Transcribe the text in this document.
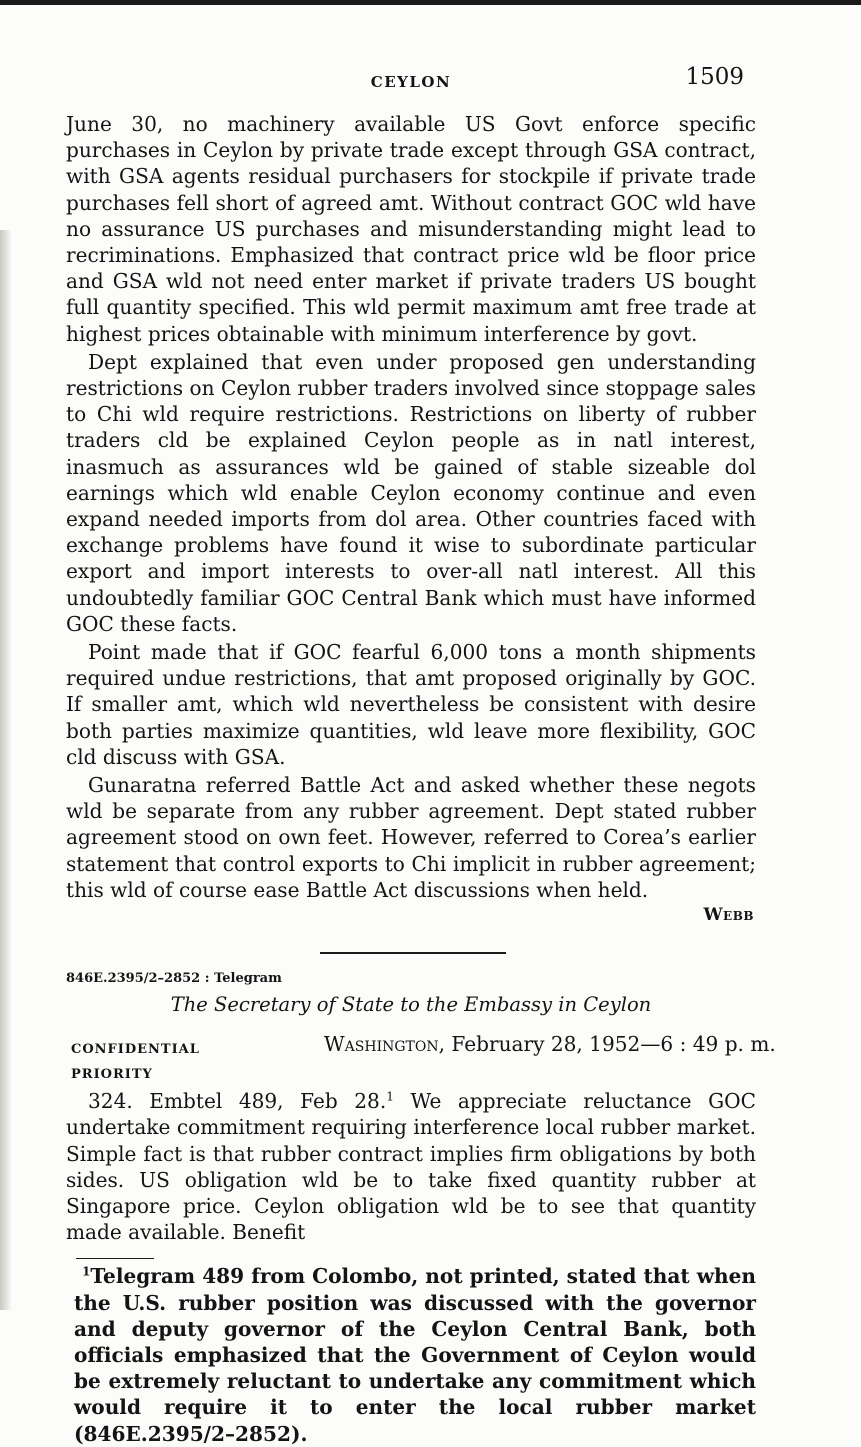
CEYLON	1509

June 30, no machinery available US Govt enforce specific purchases in Ceylon by private trade except through GSA contract, with GSA agents residual purchasers for stockpile if private trade purchases fell short of agreed amt. Without contract GOC wld have no assurance US purchases and misunderstanding might lead to recriminations. Emphasized that contract price wld be floor price and GSA wld not need enter market if private traders US bought full quantity specified. This wld permit maximum amt free trade at highest prices obtainable with minimum interference by govt.

Dept explained that even under proposed gen understanding restrictions on Ceylon rubber traders involved since stoppage sales to Chi wld require restrictions. Restrictions on liberty of rubber traders cld be explained Ceylon people as in natl interest, inasmuch as assurances wld be gained of stable sizeable dol earnings which wld enable Ceylon economy continue and even expand needed imports from dol area. Other countries faced with exchange problems have found it wise to subordinate particular export and import interests to over-all natl interest. All this undoubtedly familiar GOC Central Bank which must have informed GOC these facts.

Point made that if GOC fearful 6,000 tons a month shipments required undue restrictions, that amt proposed originally by GOC. If smaller amt, which wld nevertheless be consistent with desire both parties maximize quantities, wld leave more flexibility, GOC cld discuss with GSA.

Gunaratna referred Battle Act and asked whether these negots wld be separate from any rubber agreement. Dept stated rubber agreement stood on own feet. However, referred to Corea’s earlier statement that control exports to Chi implicit in rubber agreement; this wld of course ease Battle Act discussions when held.

Webb
846E.2395/2–2852 : Telegram
The Secretary of State to the Embassy in Ceylon
CONFIDENTIAL
PRIORITY
Washington, February 28, 1952—6 : 49 p. m.

324. Embtel 489, Feb 28.$^1$ We appreciate reluctance GOC undertake commitment requiring interference local rubber market. Simple fact is that rubber contract implies firm obligations by both sides. US obligation wld be to take fixed quantity rubber at Singapore price. Ceylon obligation wld be to see that quantity made available. Benefit

$^1$Telegram 489 from Colombo, not printed, stated that when the U.S. rubber position was discussed with the governor and deputy governor of the Ceylon Central Bank, both officials emphasized that the Government of Ceylon would be extremely reluctant to undertake any commitment which would require it to enter the local rubber market (846E.2395/2–2852).
